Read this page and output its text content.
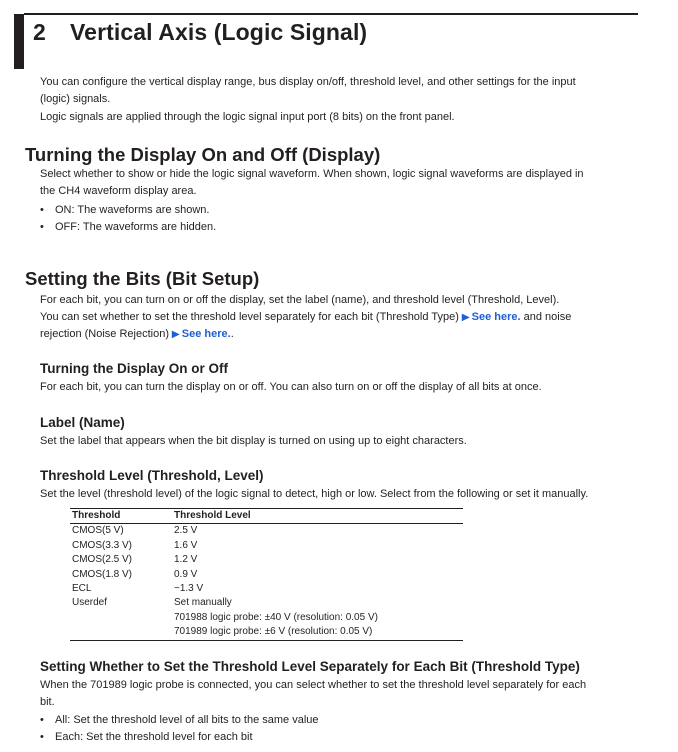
2 Vertical Axis (Logic Signal)

You can configure the vertical display range, bus display on/off, threshold level, and other settings for the input

(logic) signals.

Logic signals are applied through the logic signal input port (8 bits) on the front panel.

Turning the Display On and Off (Display)

Select whether to show or hide the logic signal waveform. When shown, logic signal waveforms are displayed in

the CH4 waveform display area.

• ON: The waveforms are shown.
• OFF: The waveforms are hidden.
Setting the Bits (Bit Setup)

For each bit, you can turn on or off the display, set the label (name), and threshold level (Threshold, Level).

You can set whether to set the threshold level separately for each bit (Threshold Type) ▶ See here. and noise

rejection (Noise Rejection) ▶ See here..

Turning the Display On or Off

For each bit, you can turn the display on or off. You can also turn on or off the display of all bits at once.

Label (Name)

Set the label that appears when the bit display is turned on using up to eight characters.

Threshold Level (Threshold, Level)

Set the level (threshold level) of the logic signal to detect, high or low. Select from the following or set it manually.

Threshold	Threshold Level
CMOS(5 V)	2.5 V
CMOS(3.3 V)	1.6 V
CMOS(2.5 V)	1.2 V
CMOS(1.8 V)	0.9 V
ECL	−1.3 V
Userdef	Set manually
701988 logic probe: ±40 V (resolution: 0.05 V)
701989 logic probe: ±6 V (resolution: 0.05 V)
Setting Whether to Set the Threshold Level Separately for Each Bit (Threshold Type)

When the 701989 logic probe is connected, you can select whether to set the threshold level separately for each

bit.

• All: Set the threshold level of all bits to the same value
• Each: Set the threshold level for each bit
